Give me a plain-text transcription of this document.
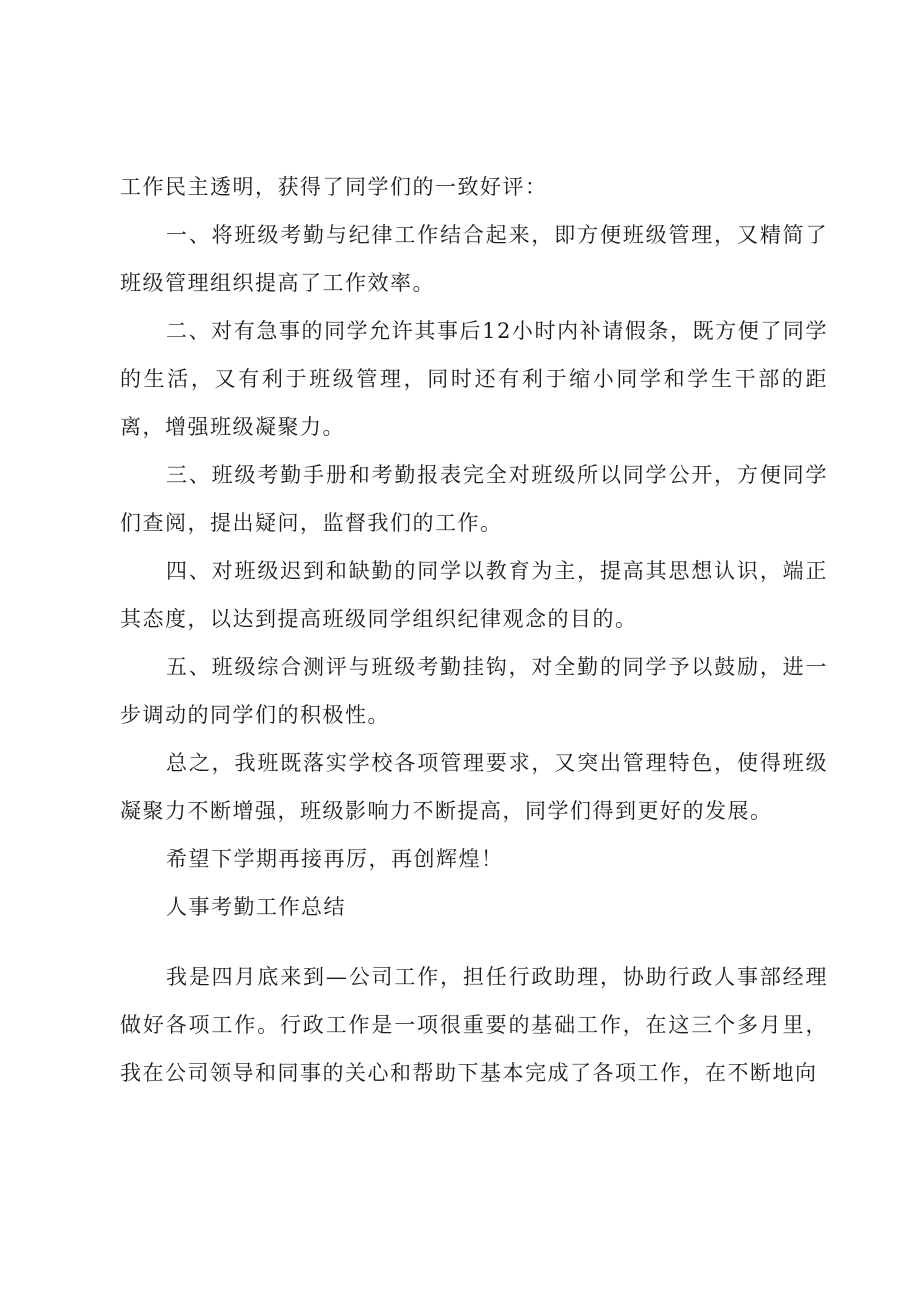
工作民主透明，获得了同学们的一致好评：

一、将班级考勤与纪律工作结合起来，即方便班级管理，又精简了班级管理组织提高了工作效率。

二、对有急事的同学允许其事后12小时内补请假条，既方便了同学的生活，又有利于班级管理，同时还有利于缩小同学和学生干部的距离，增强班级凝聚力。

三、班级考勤手册和考勤报表完全对班级所以同学公开，方便同学们查阅，提出疑问，监督我们的工作。

四、对班级迟到和缺勤的同学以教育为主，提高其思想认识，端正其态度，以达到提高班级同学组织纪律观念的目的。

五、班级综合测评与班级考勤挂钩，对全勤的同学予以鼓励，进一步调动的同学们的积极性。

总之，我班既落实学校各项管理要求，又突出管理特色，使得班级凝聚力不断增强，班级影响力不断提高，同学们得到更好的发展。

希望下学期再接再厉，再创辉煌！

人事考勤工作总结

我是四月底来到—公司工作，担任行政助理，协助行政人事部经理做好各项工作。行政工作是一项很重要的基础工作，在这三个多月里，我在公司领导和同事的关心和帮助下基本完成了各项工作，在不断地向
